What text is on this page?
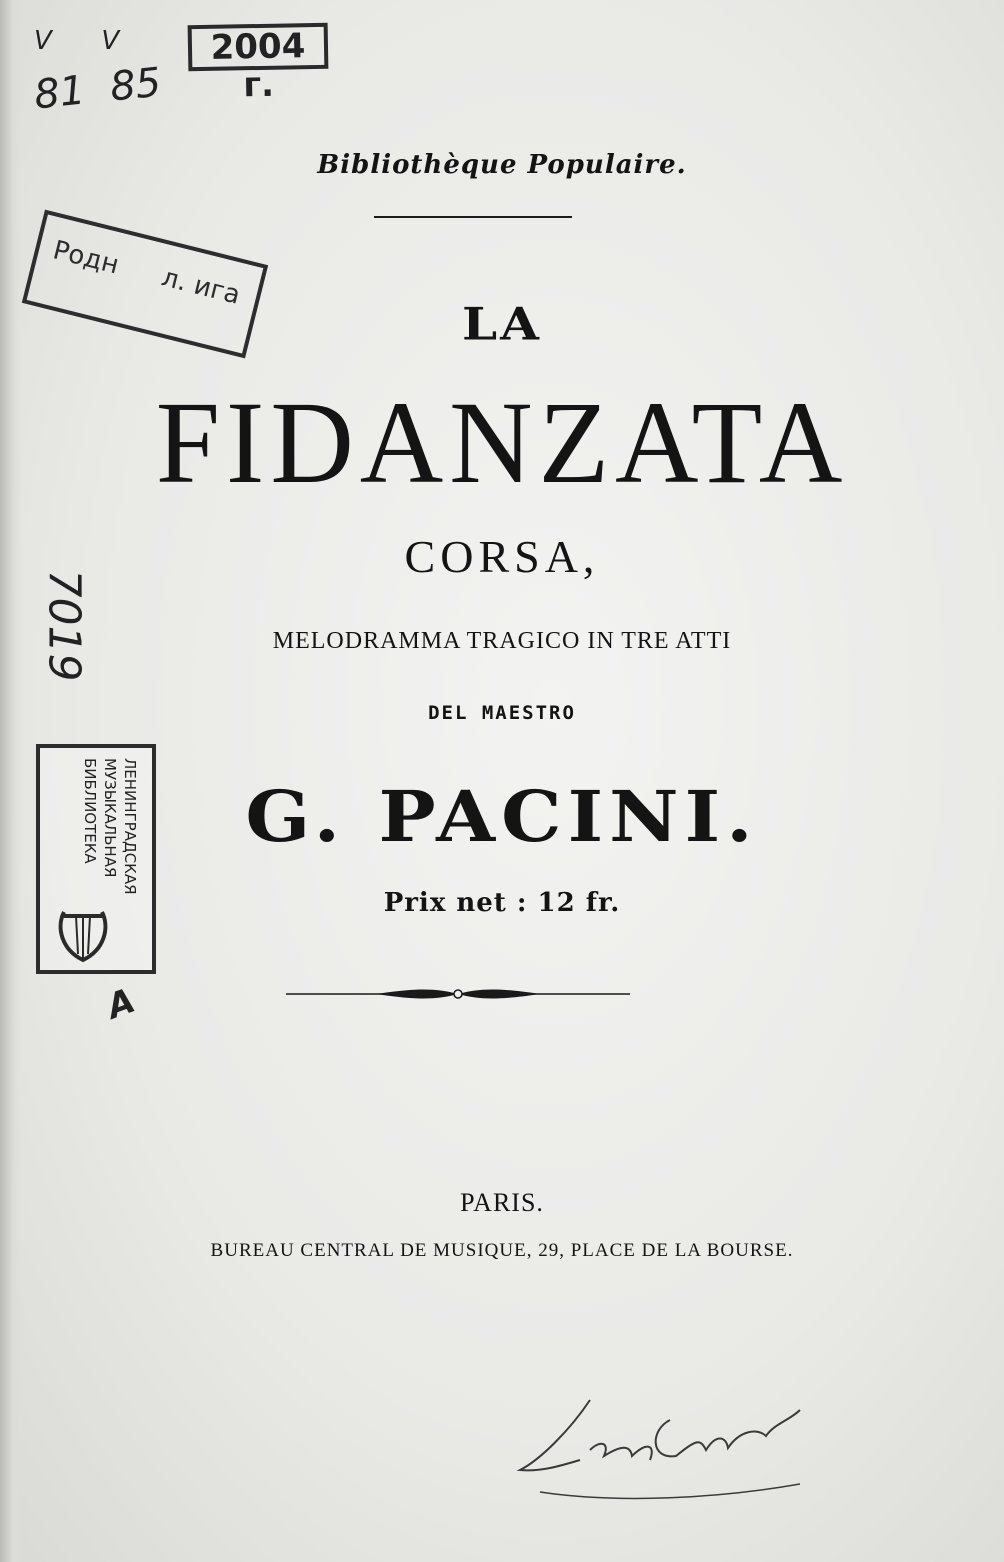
V      V
81  85
7019
A
2004 г.
Родн
л. ига
ЛЕНИНГРАДСКАЯ
МУЗЫКАЛЬНАЯ
БИБЛИОТЕКА
Bibliothèque Populaire.
LA
FIDANZATA
CORSA,
MELODRAMMA TRAGICO IN TRE ATTI
DEL MAESTRO
G. PACINI.
Prix net : 12 fr.
PARIS.
BUREAU CENTRAL DE MUSIQUE, 29, PLACE DE LA BOURSE.
